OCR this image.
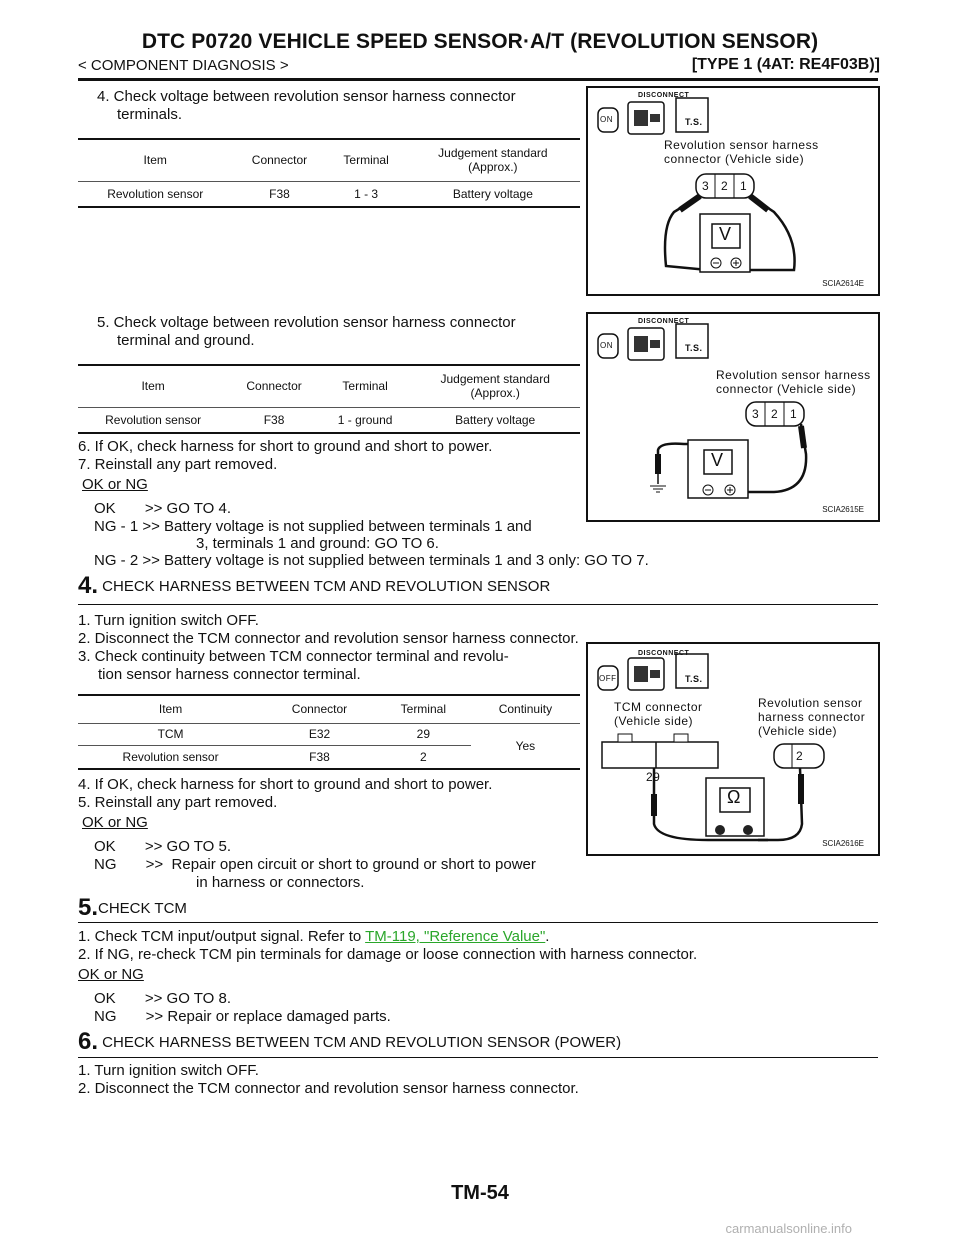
DTC P0720 VEHICLE SPEED SENSOR·A/T (REVOLUTION SENSOR)
< COMPONENT DIAGNOSIS >	[TYPE 1 (4AT: RE4F03B)]
4. Check voltage between revolution sensor harness connector
terminals.
Item	Connector	Terminal	Judgement standard
(Approx.)
Revolution sensor	F38	1 - 3	Battery voltage
DISCONNECT
ON	T.S.
Revolution sensor harness
connector (Vehicle side)
3 2 1
V
SCIA2614E
5. Check voltage between revolution sensor harness connector
terminal and ground.
Item	Connector	Terminal	Judgement standard
(Approx.)
Revolution sensor	F38	1 - ground	Battery voltage
DISCONNECT
ON	T.S.
Revolution sensor harness
connector (Vehicle side)
3 2 1
V
SCIA2615E
6. If OK, check harness for short to ground and short to power.
7. Reinstall any part removed.
OK or NG
OK       >> GO TO 4.
NG - 1 >> Battery voltage is not supplied between terminals 1 and
3, terminals 1 and ground: GO TO 6.
NG - 2 >> Battery voltage is not supplied between terminals 1 and 3 only: GO TO 7.
4. CHECK HARNESS BETWEEN TCM AND REVOLUTION SENSOR
1. Turn ignition switch OFF.
2. Disconnect the TCM connector and revolution sensor harness connector.
3. Check continuity between TCM connector terminal and revolu-
tion sensor harness connector terminal.
Item	Connector	Terminal	Continuity
TCM	E32	29	Yes
Revolution sensor	F38	2	
DISCONNECT
OFF	T.S.
TCM connector
(Vehicle side)
Revolution sensor
harness connector
(Vehicle side)
29
2
Ω
SCIA2616E
4. If OK, check harness for short to ground and short to power.
5. Reinstall any part removed.
OK or NG
OK       >> GO TO 5.
NG       >>  Repair open circuit or short to ground or short to power
in harness or connectors.
5.CHECK TCM
1. Check TCM input/output signal. Refer to TM-119, "Reference Value".
2. If NG, re-check TCM pin terminals for damage or loose connection with harness connector.
OK or NG
OK       >> GO TO 8.
NG       >> Repair or replace damaged parts.
6. CHECK HARNESS BETWEEN TCM AND REVOLUTION SENSOR (POWER)
1. Turn ignition switch OFF.
2. Disconnect the TCM connector and revolution sensor harness connector.
TM-54
carmanualsonline.info
